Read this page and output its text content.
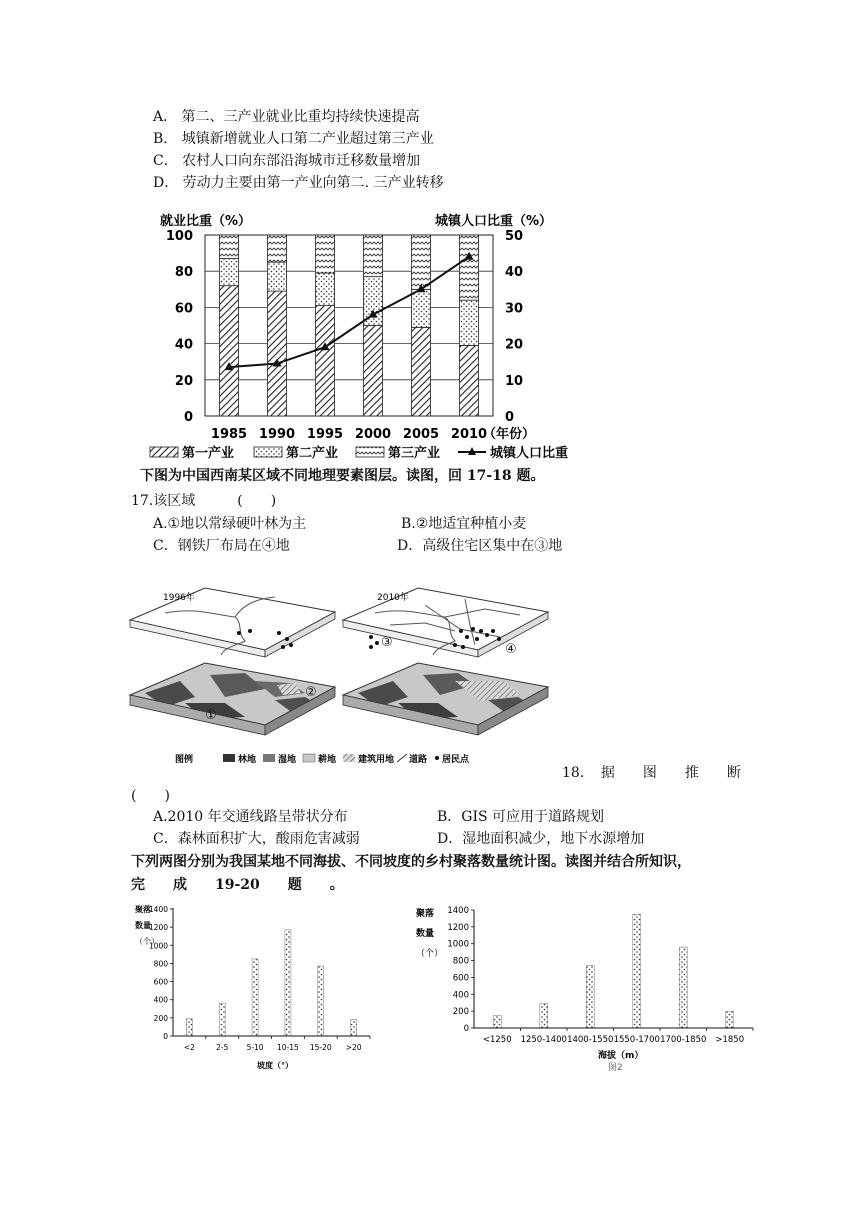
A． 第二、三产业就业比重均持续快速提高
B． 城镇新增就业人口第二产业超过第三产业
C． 农村人口向东部沿海城市迁移数量增加
D． 劳动力主要由第一产业向第二. 三产业转移
就业比重（%）	城镇人口比重（%）
0
20
40
60
80
100
0
10
20
30
40
50
1985 1990 1995 2000 2005 2010
（年份）
第一产业	第二产业	第三产业	城镇人口比重
下图为中国西南某区域不同地理要素图层。读图，回 17-18 题。
17.该区域　　　(　　)
A.①地以常绿硬叶林为主	B.②地适宜种植小麦
C．钢铁厂布局在④地	D．高级住宅区集中在③地
1996年
①
②
2010年
③	④
图例	林地 湿地 耕地 建筑用地 道路 居民点
18．　据　　图　　推　　断
(　　)
A.2010 年交通线路呈带状分布	B．GIS 可应用于道路规划
C．森林面积扩大，酸雨危害减弱	D．湿地面积减少，地下水源增加
下列两图分别为我国某地不同海拔、不同坡度的乡村聚落数量统计图。读图并结合所知识，
完　　成　　19-20　　题　　。
聚落
数量
（个）
0
200
400
600
800
1000
1200
1400
<2	2-5 5-10 10-15 15-20 >20
坡度（°）
聚落
数量
（个）
0
200
400
600
800
1000
1200
1400
<1250 1250-1400 1400-1550 1550-1700 1700-1850 >1850
海拔（m）
图2
